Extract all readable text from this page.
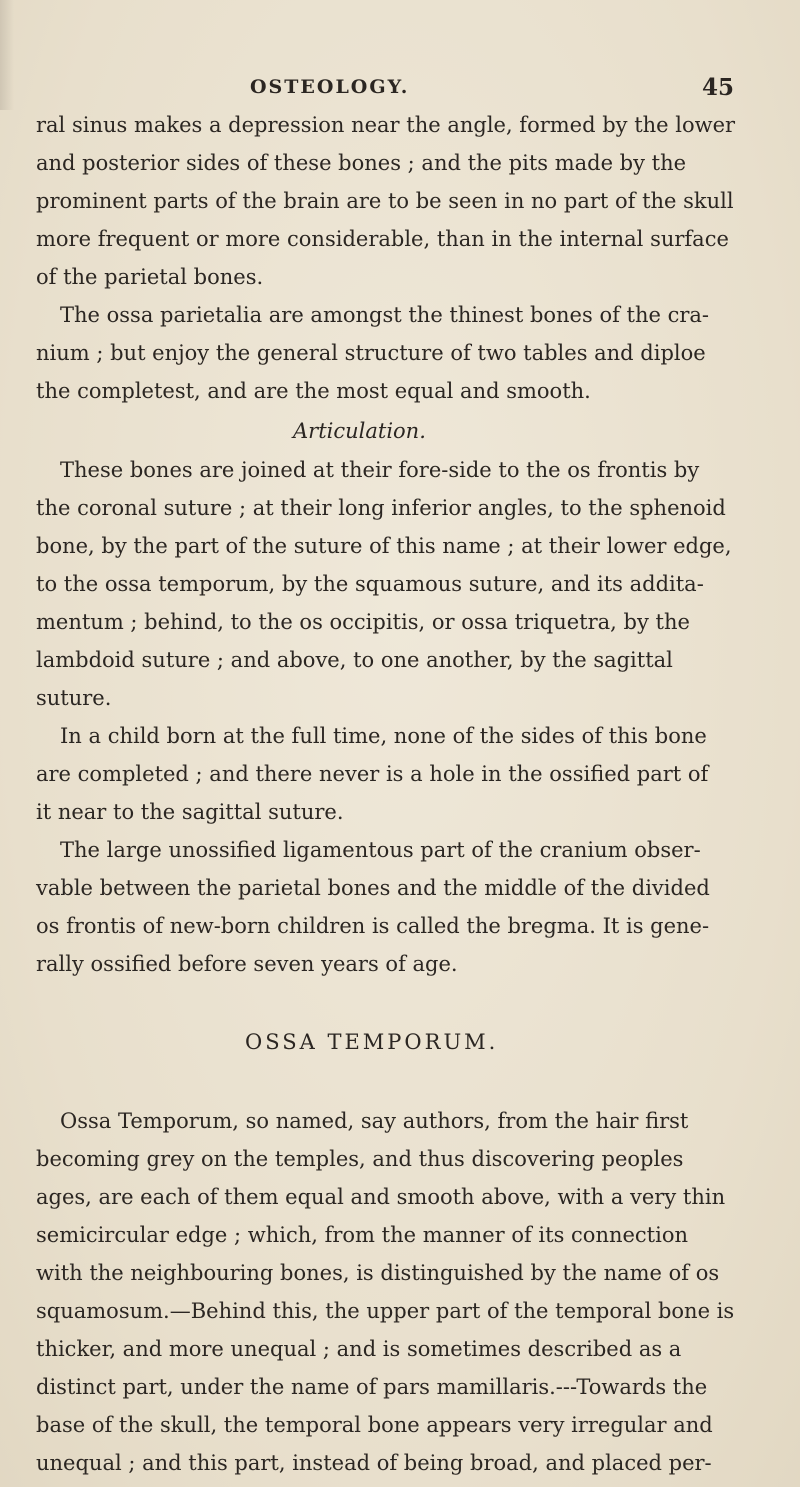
OSTEOLOGY.	45
ral sinus makes a depression near the angle, formed by the lower
and posterior sides of these bones ; and the pits made by the
prominent parts of the brain are to be seen in no part of the skull
more frequent or more considerable, than in the internal surface
of the parietal bones.
The ossa parietalia are amongst the thinest bones of the cra-
nium ; but enjoy the general structure of two tables and diploe
the completest, and are the most equal and smooth.
Articulation.
These bones are joined at their fore-side to the os frontis by
the coronal suture ; at their long inferior angles, to the sphenoid
bone, by the part of the suture of this name ; at their lower edge,
to the ossa temporum, by the squamous suture, and its addita-
mentum ; behind, to the os occipitis, or ossa triquetra, by the
lambdoid suture ; and above, to one another, by the sagittal
suture.
In a child born at the full time, none of the sides of this bone
are completed ; and there never is a hole in the ossified part of
it near to the sagittal suture.
The large unossified ligamentous part of the cranium obser-
vable between the parietal bones and the middle of the divided
os frontis of new-born children is called the bregma. It is gene-
rally ossified before seven years of age.
OSSA TEMPORUM.
Ossa Temporum, so named, say authors, from the hair first
becoming grey on the temples, and thus discovering peoples
ages, are each of them equal and smooth above, with a very thin
semicircular edge ; which, from the manner of its connection
with the neighbouring bones, is distinguished by the name of os
squamosum.—Behind this, the upper part of the temporal bone is
thicker, and more unequal ; and is sometimes described as a
distinct part, under the name of pars mamillaris.---Towards the
base of the skull, the temporal bone appears very irregular and
unequal ; and this part, instead of being broad, and placed per-
